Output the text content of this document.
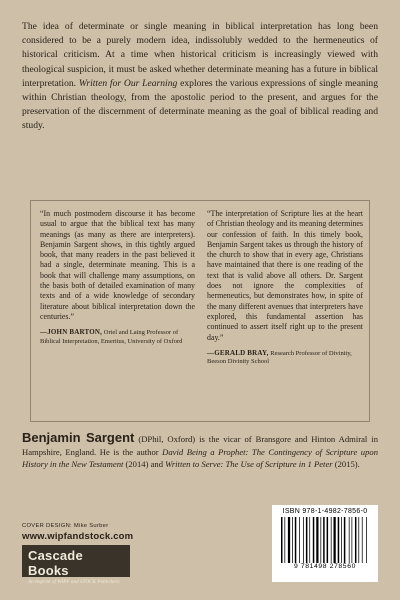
The idea of determinate or single meaning in biblical interpretation has long been considered to be a purely modern idea, indissolubly wedded to the hermeneutics of historical criticism. At a time when historical criticism is increasingly viewed with theological suspicion, it must be asked whether determinate meaning has a future in biblical interpretation. Written for Our Learning explores the various expressions of single meaning within Christian theology, from the apostolic period to the present, and argues for the preservation of the discernment of determinate meaning as the goal of biblical reading and study.

“In much postmodern discourse it has become usual to argue that the biblical text has many meanings (as many as there are interpreters). Benjamin Sargent shows, in this tightly argued book, that many readers in the past believed it had a single, determinate meaning. This is a book that will challenge many assumptions, on the basis both of detailed examination of many texts and of a wide knowledge of secondary literature about biblical interpretation down the centuries.”

—JOHN BARTON, Oriel and Laing Professor of Biblical Interpretation, Emeritus, University of Oxford

“The interpretation of Scripture lies at the heart of Christian theology and its meaning determines our confession of faith. In this timely book, Benjamin Sargent takes us through the history of the church to show that in every age, Christians have maintained that there is one reading of the text that is valid above all others. Dr. Sargent does not ignore the complexities of hermeneutics, but demonstrates how, in spite of the many different avenues that interpreters have explored, this fundamental assertion has continued to assert itself right up to the present day.”

—GERALD BRAY, Research Professor of Divinity, Beeson Divinity School

Benjamin Sargent (DPhil, Oxford) is the vicar of Bransgore and Hinton Admiral in Hampshire, England. He is the author David Being a Prophet: The Contingency of Scripture upon History in the New Testament (2014) and Written to Serve: The Use of Scripture in 1 Peter (2015).

COVER DESIGN: Mike Surber
www.wipfandstock.com
Cascade Books
An Imprint of WIPF and STOCK Publishers
ISBN 978-1-4982-7856-0
9 781498 278560
